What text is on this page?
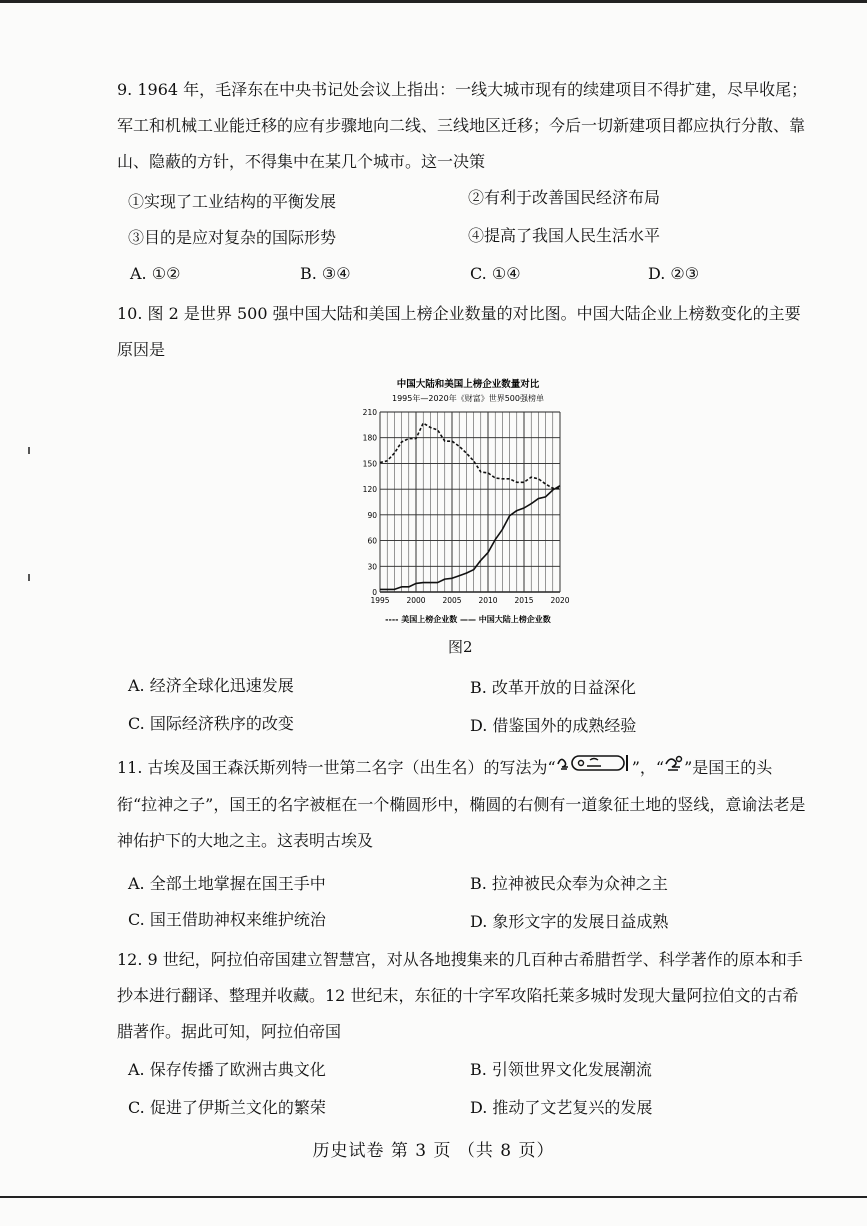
9. 1964 年，毛泽东在中央书记处会议上指出：一线大城市现有的续建项目不得扩建，尽早收尾；军工和机械工业能迁移的应有步骤地向二线、三线地区迁移；今后一切新建项目都应执行分散、靠山、隐蔽的方针，不得集中在某几个城市。这一决策
①实现了工业结构的平衡发展	②有利于改善国民经济布局
③目的是应对复杂的国际形势	④提高了我国人民生活水平
A. ①②	B. ③④	C. ①④	D. ②③
10. 图 2 是世界 500 强中国大陆和美国上榜企业数量的对比图。中国大陆企业上榜数变化的主要原因是
中国大陆和美国上榜企业数量对比
1995年—2020年《财富》世界500强榜单
0
30
60
90
120
150
180
210
1995 2000 2005 2010 2015 2020
---- 美国上榜企业数 —— 中国大陆上榜企业数
图2
A. 经济全球化迅速发展	B. 改革开放的日益深化
C. 国际经济秩序的改变	D. 借鉴国外的成熟经验
11. 古埃及国王森沃斯列特一世第二名字（出生名）的写法为“	”，“ ”是国王的头衔“拉神之子”，国王的名字被框在一个椭圆形中，椭圆的右侧有一道象征土地的竖线，意谕法老是神佑护下的大地之主。这表明古埃及
A. 全部土地掌握在国王手中	B. 拉神被民众奉为众神之主
C. 国王借助神权来维护统治	D. 象形文字的发展日益成熟
12. 9 世纪，阿拉伯帝国建立智慧宫，对从各地搜集来的几百种古希腊哲学、科学著作的原本和手抄本进行翻译、整理并收藏。12 世纪末，东征的十字军攻陷托莱多城时发现大量阿拉伯文的古希腊著作。据此可知，阿拉伯帝国
A. 保存传播了欧洲古典文化	B. 引领世界文化发展潮流
C. 促进了伊斯兰文化的繁荣	D. 推动了文艺复兴的发展
历史试卷 第 3 页 （共 8 页）
